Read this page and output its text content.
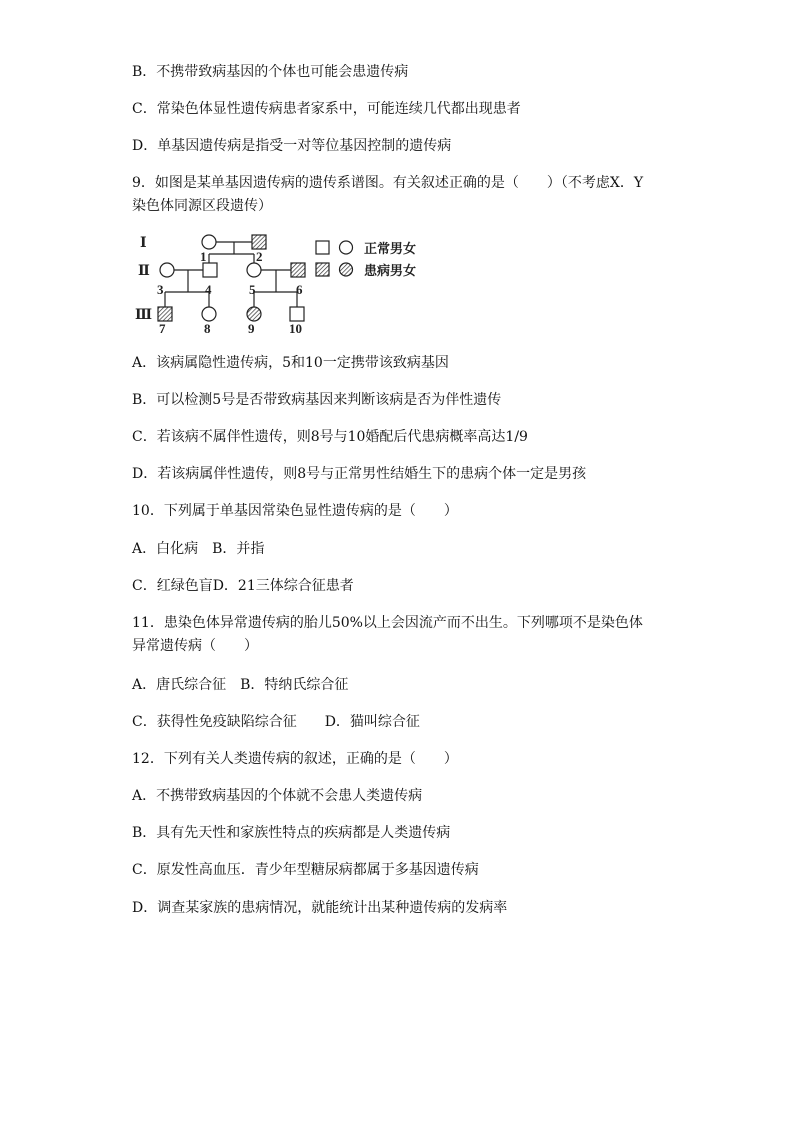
B．不携带致病基因的个体也可能会患遗传病
C．常染色体显性遗传病患者家系中，可能连续几代都出现患者
D．单基因遗传病是指受一对等位基因控制的遗传病
9．如图是某单基因遗传病的遗传系谱图。有关叙述正确的是（　　）（不考虑X．Y
染色体同源区段遗传）
Ⅰ
Ⅱ
Ⅲ
1	2
3	4	5	6
7	8	9	10
正常男女
患病男女
A．该病属隐性遗传病，5和10一定携带该致病基因
B．可以检测5号是否带致病基因来判断该病是否为伴性遗传
C．若该病不属伴性遗传，则8号与10婚配后代患病概率高达1/9
D．若该病属伴性遗传，则8号与正常男性结婚生下的患病个体一定是男孩
10．下列属于单基因常染色显性遗传病的是（　　）
A．白化病　B．并指
C．红绿色盲D．21三体综合征患者
11．患染色体异常遗传病的胎儿50%以上会因流产而不出生。下列哪项不是染色体
异常遗传病（　　）
A．唐氏综合征　B．特纳氏综合征
C．获得性免疫缺陷综合征　　D．猫叫综合征
12．下列有关人类遗传病的叙述，正确的是（　　）
A．不携带致病基因的个体就不会患人类遗传病
B．具有先天性和家族性特点的疾病都是人类遗传病
C．原发性高血压．青少年型糖尿病都属于多基因遗传病
D．调查某家族的患病情况，就能统计出某种遗传病的发病率
